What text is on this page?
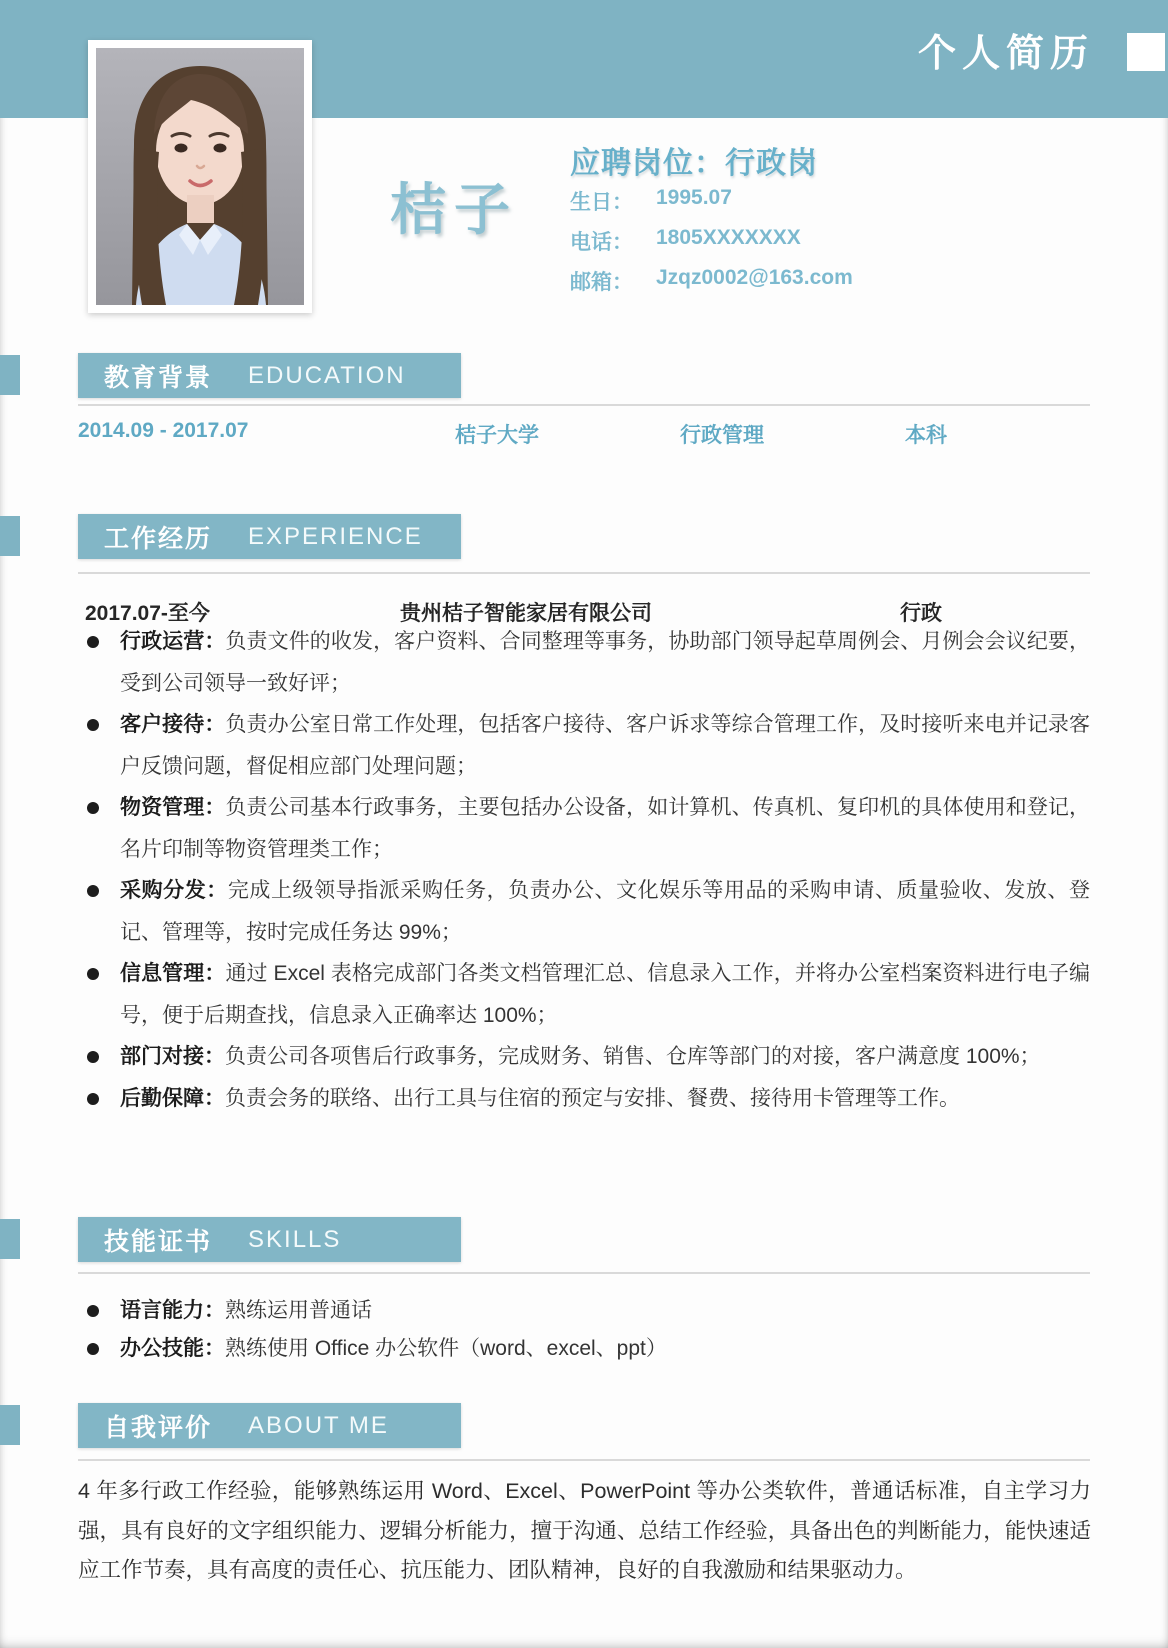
个人简历
桔子
应聘岗位：行政岗
生日：	1995.07
电话：	1805XXXXXXX
邮箱：	Jzqz0002@163.com
教育背景 EDUCATION
2014.09 - 2017.07	桔子大学	行政管理	本科
工作经历 EXPERIENCE
2017.07-至今	贵州桔子智能家居有限公司	行政
行政运营：负责文件的收发，客户资料、合同整理等事务，协助部门领导起草周例会、月例会会议纪要，受到公司领导一致好评；
客户接待：负责办公室日常工作处理，包括客户接待、客户诉求等综合管理工作，及时接听来电并记录客户反馈问题，督促相应部门处理问题；
物资管理：负责公司基本行政事务，主要包括办公设备，如计算机、传真机、复印机的具体使用和登记，名片印制等物资管理类工作；
采购分发：完成上级领导指派采购任务，负责办公、文化娱乐等用品的采购申请、质量验收、发放、登记、管理等，按时完成任务达 99%；
信息管理：通过 Excel 表格完成部门各类文档管理汇总、信息录入工作，并将办公室档案资料进行电子编号，便于后期查找，信息录入正确率达 100%；
部门对接：负责公司各项售后行政事务，完成财务、销售、仓库等部门的对接，客户满意度 100%；
后勤保障：负责会务的联络、出行工具与住宿的预定与安排、餐费、接待用卡管理等工作。
技能证书 SKILLS
语言能力：熟练运用普通话
办公技能：熟练使用 Office 办公软件（word、excel、ppt）
自我评价 ABOUT ME
4 年多行政工作经验，能够熟练运用 Word、Excel、PowerPoint 等办公类软件，普通话标准，自主学习力强，具有良好的文字组织能力、逻辑分析能力，擅于沟通、总结工作经验，具备出色的判断能力，能快速适应工作节奏，具有高度的责任心、抗压能力、团队精神，良好的自我激励和结果驱动力。
